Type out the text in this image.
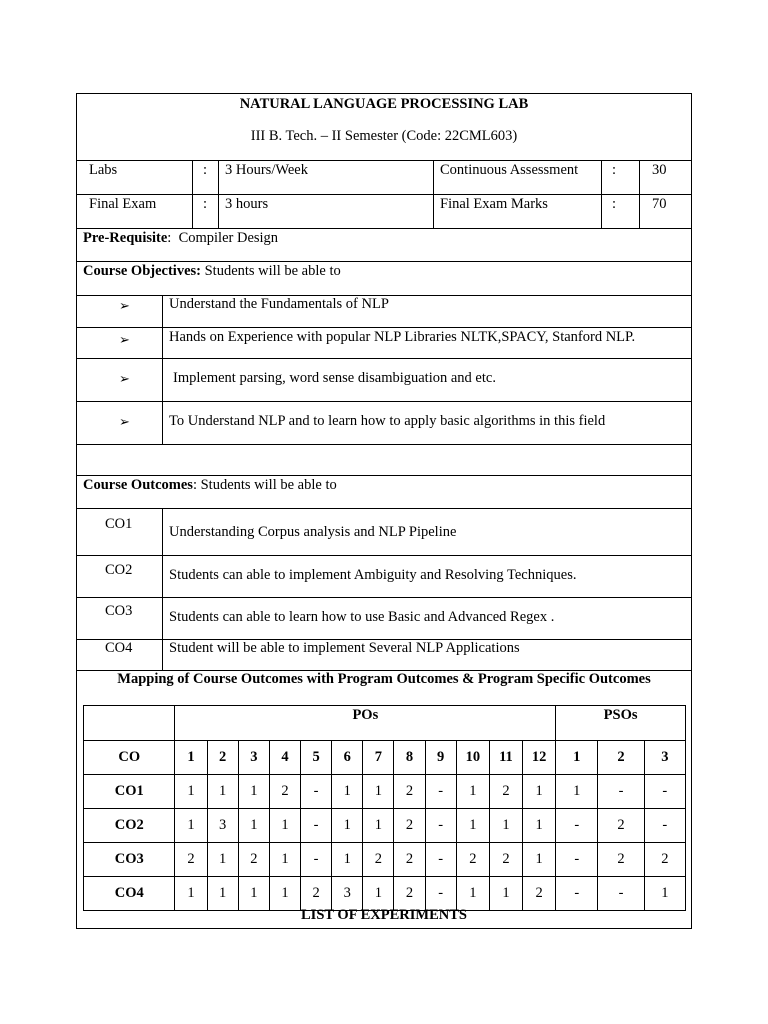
NATURAL LANGUAGE PROCESSING LAB
III B. Tech. – II Semester (Code: 22CML603)
Labs	: 3 Hours/Week	Continuous Assessment : 30
Final Exam	: 3 hours	Final Exam Marks	: 70
Pre-Requisite: Compiler Design
Course Objectives: Students will be able to
➢	Understand the Fundamentals of NLP
➢	Hands on Experience with popular NLP Libraries NLTK,SPACY, Stanford NLP.
➢	Implement parsing, word sense disambiguation and etc.
➢	To Understand NLP and to learn how to apply basic algorithms in this field
Course Outcomes: Students will be able to
CO1	Understanding Corpus analysis and NLP Pipeline
CO2	Students can able to implement Ambiguity and Resolving Techniques.
CO3	Students can able to learn how to use Basic and Advanced Regex .
CO4	Student will be able to implement Several NLP Applications
Mapping of Course Outcomes with Program Outcomes & Program Specific Outcomes
	POs												PSOs		
CO	1	2	3	4	5	6	7	8	9	10	11	12	1	2	3
CO1	1	1	1	2	-	1	1	2	-	1	2	1	1	-	-
CO2	1	3	1	1	-	1	1	2	-	1	1	1	-	2	-
CO3	2	1	2	1	-	1	2	2	-	2	2	1	-	2	2
CO4	1	1	1	1	2	3	1	2	-	1	1	2	-	-	1
LIST OF EXPERIMENTS
